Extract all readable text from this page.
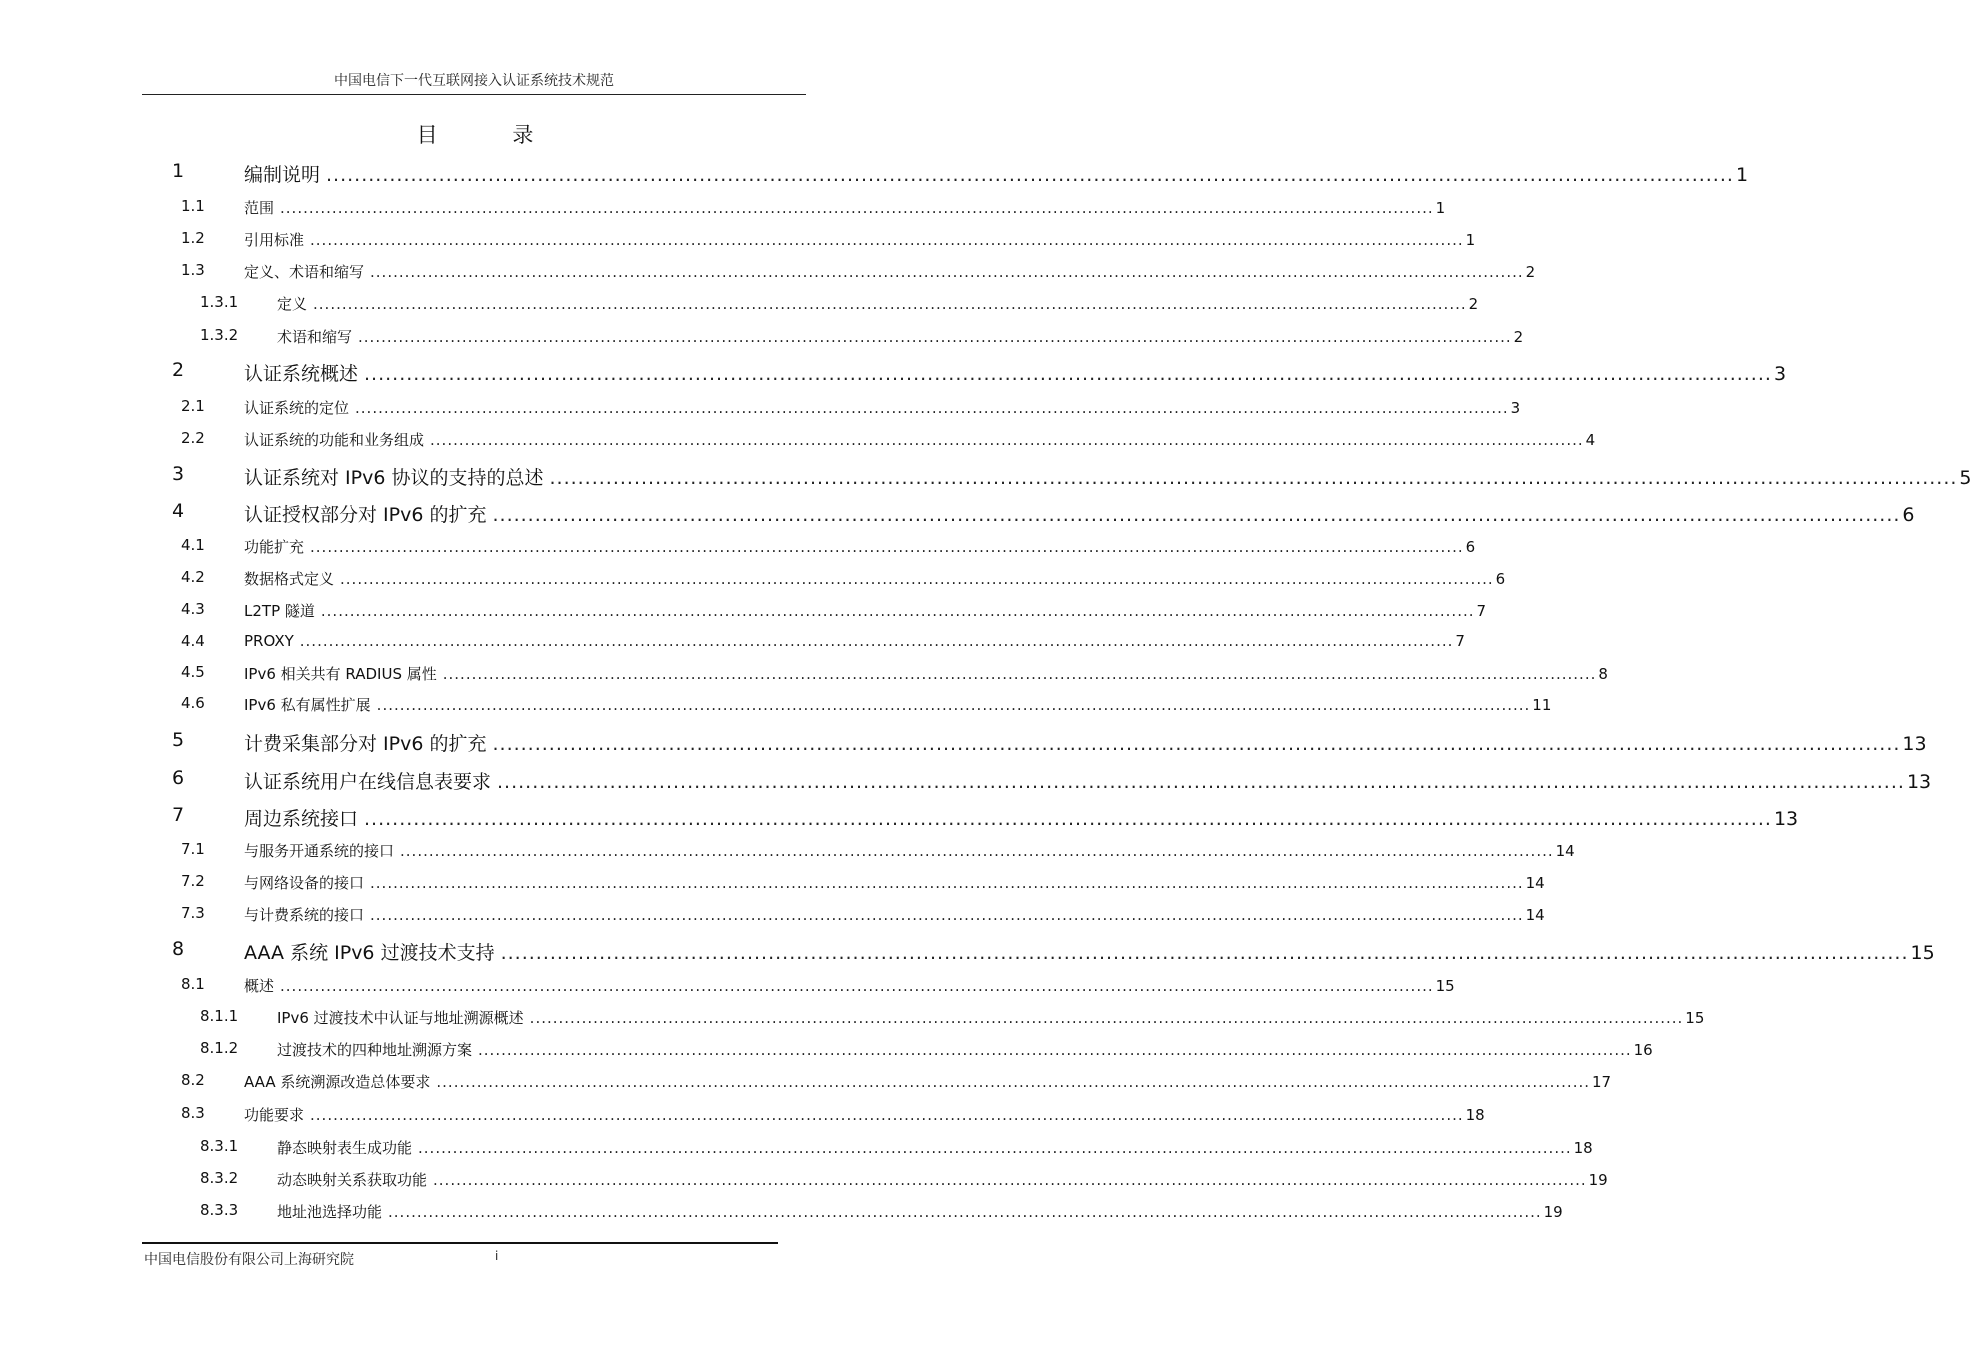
中国电信下一代互联网接入认证系统技术规范
目 录
1	编制说明 ........................................................................................................................................................................................................ 1
1.1	范围 ........................................................................................................................................................................................................ 1
1.2	引用标准 ........................................................................................................................................................................................................ 1
1.3	定义、术语和缩写 ........................................................................................................................................................................................................ 2
1.3.1	定义 ........................................................................................................................................................................................................ 2
1.3.2	术语和缩写 ........................................................................................................................................................................................................ 2
2	认证系统概述 ........................................................................................................................................................................................................ 3
2.1	认证系统的定位 ........................................................................................................................................................................................................ 3
2.2	认证系统的功能和业务组成 ........................................................................................................................................................................................................ 4
3	认证系统对 IPv6 协议的支持的总述 ........................................................................................................................................................................................................ 5
4	认证授权部分对 IPv6 的扩充 ........................................................................................................................................................................................................ 6
4.1	功能扩充 ........................................................................................................................................................................................................ 6
4.2	数据格式定义 ........................................................................................................................................................................................................ 6
4.3	L2TP 隧道 ........................................................................................................................................................................................................ 7
4.4	PROXY ........................................................................................................................................................................................................ 7
4.5	IPv6 相关共有 RADIUS 属性 ........................................................................................................................................................................................................ 8
4.6	IPv6 私有属性扩展 ........................................................................................................................................................................................................ 11
5	计费采集部分对 IPv6 的扩充 ........................................................................................................................................................................................................ 13
6	认证系统用户在线信息表要求 ........................................................................................................................................................................................................ 13
7	周边系统接口 ........................................................................................................................................................................................................ 13
7.1	与服务开通系统的接口 ........................................................................................................................................................................................................ 14
7.2	与网络设备的接口 ........................................................................................................................................................................................................ 14
7.3	与计费系统的接口 ........................................................................................................................................................................................................ 14
8	AAA 系统 IPv6 过渡技术支持 ........................................................................................................................................................................................................ 15
8.1	概述 ........................................................................................................................................................................................................ 15
8.1.1	IPv6 过渡技术中认证与地址溯源概述 ........................................................................................................................................................................................................ 15
8.1.2	过渡技术的四种地址溯源方案 ........................................................................................................................................................................................................ 16
8.2	AAA 系统溯源改造总体要求 ........................................................................................................................................................................................................ 17
8.3	功能要求 ........................................................................................................................................................................................................ 18
8.3.1	静态映射表生成功能 ........................................................................................................................................................................................................ 18
8.3.2	动态映射关系获取功能 ........................................................................................................................................................................................................ 19
8.3.3	地址池选择功能 ........................................................................................................................................................................................................ 19
中国电信股份有限公司上海研究院	i
